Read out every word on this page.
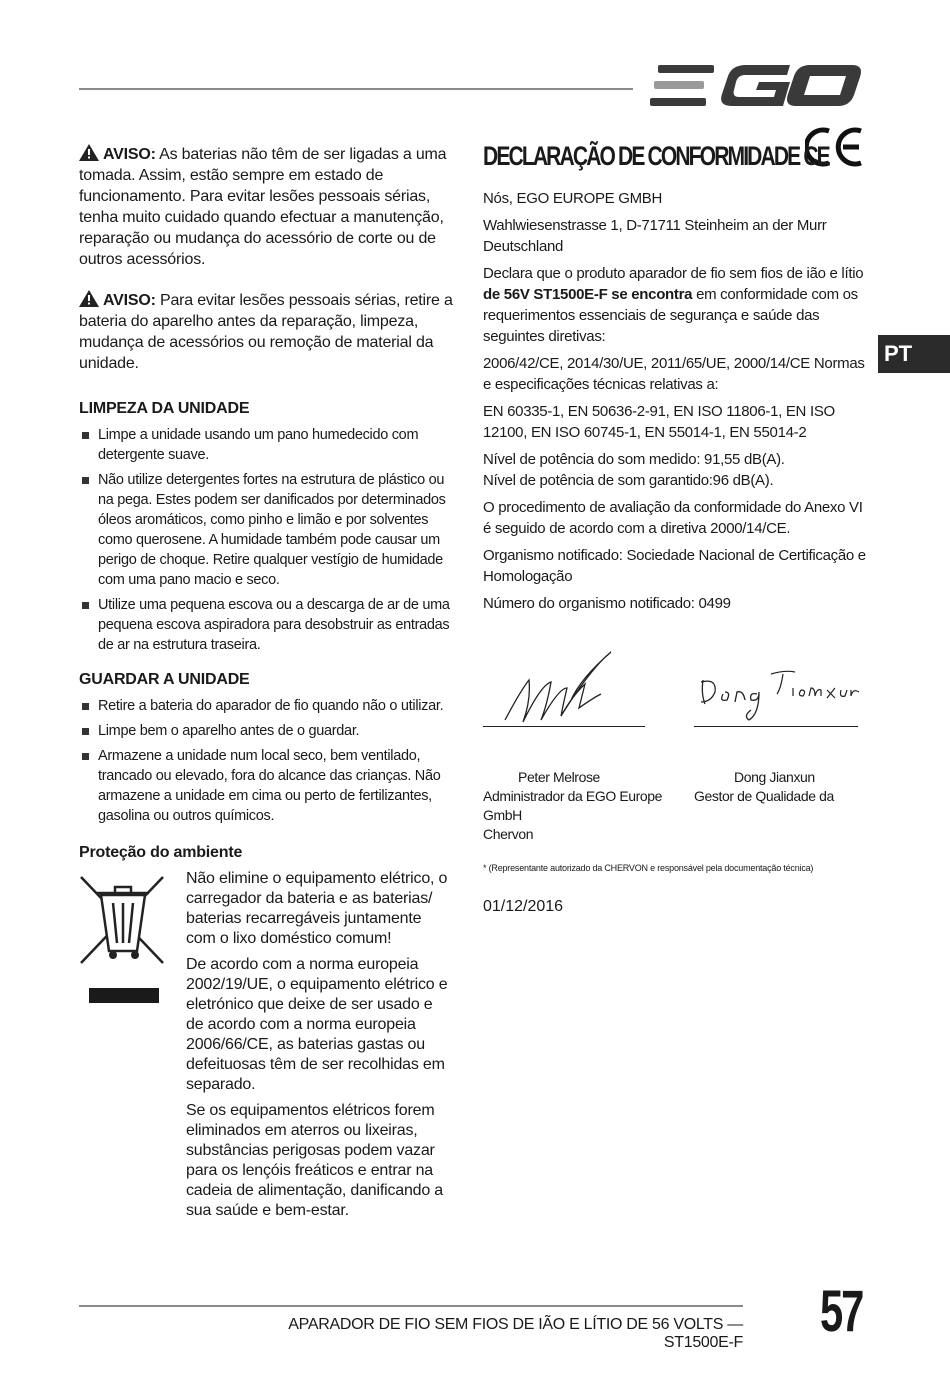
PT

AVISO: As baterias não têm de ser ligadas a uma tomada. Assim, estão sempre em estado de funcionamento. Para evitar lesões pessoais sérias, tenha muito cuidado quando efectuar a manutenção, reparação ou mudança do acessório de corte ou de outros acessórios.

AVISO: Para evitar lesões pessoais sérias, retire a bateria do aparelho antes da reparação, limpeza, mudança de acessórios ou remoção de material da unidade.

LIMPEZA DA UNIDADE
Limpe a unidade usando um pano humedecido com detergente suave.
Não utilize detergentes fortes na estrutura de plástico ou na pega. Estes podem ser danificados por determinados óleos aromáticos, como pinho e limão e por solventes como querosene. A humidade também pode causar um perigo de choque. Retire qualquer vestígio de humidade com uma pano macio e seco.
Utilize uma pequena escova ou a descarga de ar de uma pequena escova aspiradora para desobstruir as entradas de ar na estrutura traseira.
GUARDAR A UNIDADE
Retire a bateria do aparador de fio quando não o utilizar.
Limpe bem o aparelho antes de o guardar.
Armazene a unidade num local seco, bem ventilado, trancado ou elevado, fora do alcance das crianças. Não armazene a unidade em cima ou perto de fertilizantes, gasolina ou outros químicos.
Proteção do ambiente

Não elimine o equipamento elétrico, o carregador da bateria e as baterias/ baterias recarregáveis juntamente com o lixo doméstico comum!

De acordo com a norma europeia 2002/19/UE, o equipamento elétrico e eletrónico que deixe de ser usado e de acordo com a norma europeia 2006/66/CE, as baterias gastas ou defeituosas têm de ser recolhidas em separado.

Se os equipamentos elétricos forem eliminados em aterros ou lixeiras, substâncias perigosas podem vazar para os lençóis freáticos e entrar na cadeia de alimentação, danificando a sua saúde e bem-estar.

DECLARAÇÃO DE CONFORMIDADE CE

Nós, EGO EUROPE GMBH

Wahlwiesenstrasse 1, D-71711 Steinheim an der Murr Deutschland

Declara que o produto aparador de fio sem fios de ião e lítio de 56V ST1500E-F se encontra em conformidade com os requerimentos essenciais de segurança e saúde das seguintes diretivas:

2006/42/CE, 2014/30/UE, 2011/65/UE, 2000/14/CE Normas e especificações técnicas relativas a:

EN 60335-1, EN 50636-2-91, EN ISO 11806-1, EN ISO 12100, EN ISO 60745-1, EN 55014-1, EN 55014-2

Nível de potência do som medido: 91,55 dB(A).
Nível de potência de som garantido:96 dB(A).

O procedimento de avaliação da conformidade do Anexo VI é seguido de acordo com a diretiva 2000/14/CE.

Organismo notificado: Sociedade Nacional de Certificação e Homologação

Número do organismo notificado: 0499

Peter Melrose
Administrador da EGO Europe GmbH
Chervon
Dong Jianxun
Gestor de Qualidade da
* (Representante autorizado da CHERVON e responsável pela documentação técnica)
01/12/2016
APARADOR DE FIO SEM FIOS DE IÃO E LÍTIO DE 56 VOLTS — ST1500E-F 57
